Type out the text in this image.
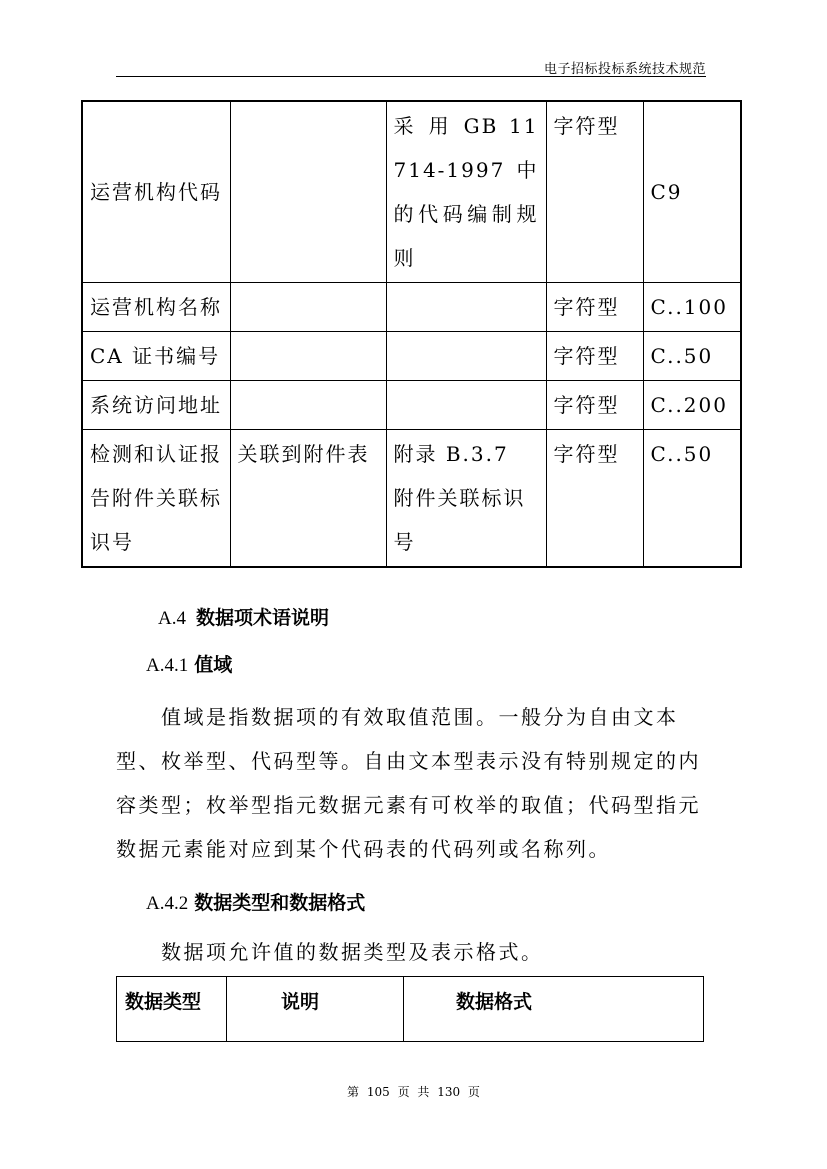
电子招标投标系统技术规范
运营机构代码		采 用 GB 11714-1997 中的代码编制规则	字符型	C9
运营机构名称			字符型	C..100
CA 证书编号			字符型	C..50
系统访问地址			字符型	C..200
检测和认证报告附件关联标识号	关联到附件表	附录 B.3.7 附件关联标识号	字符型	C..50
A.4 数据项术语说明
A.4.1 值域
　　值域是指数据项的有效取值范围。一般分为自由文本型、枚举型、代码型等。自由文本型表示没有特别规定的内容类型；枚举型指元数据元素有可枚举的取值；代码型指元数据元素能对应到某个代码表的代码列或名称列。
A.4.2 数据类型和数据格式
　　数据项允许值的数据类型及表示格式。
数据类型	说明	数据格式
第 105 页 共 130 页
